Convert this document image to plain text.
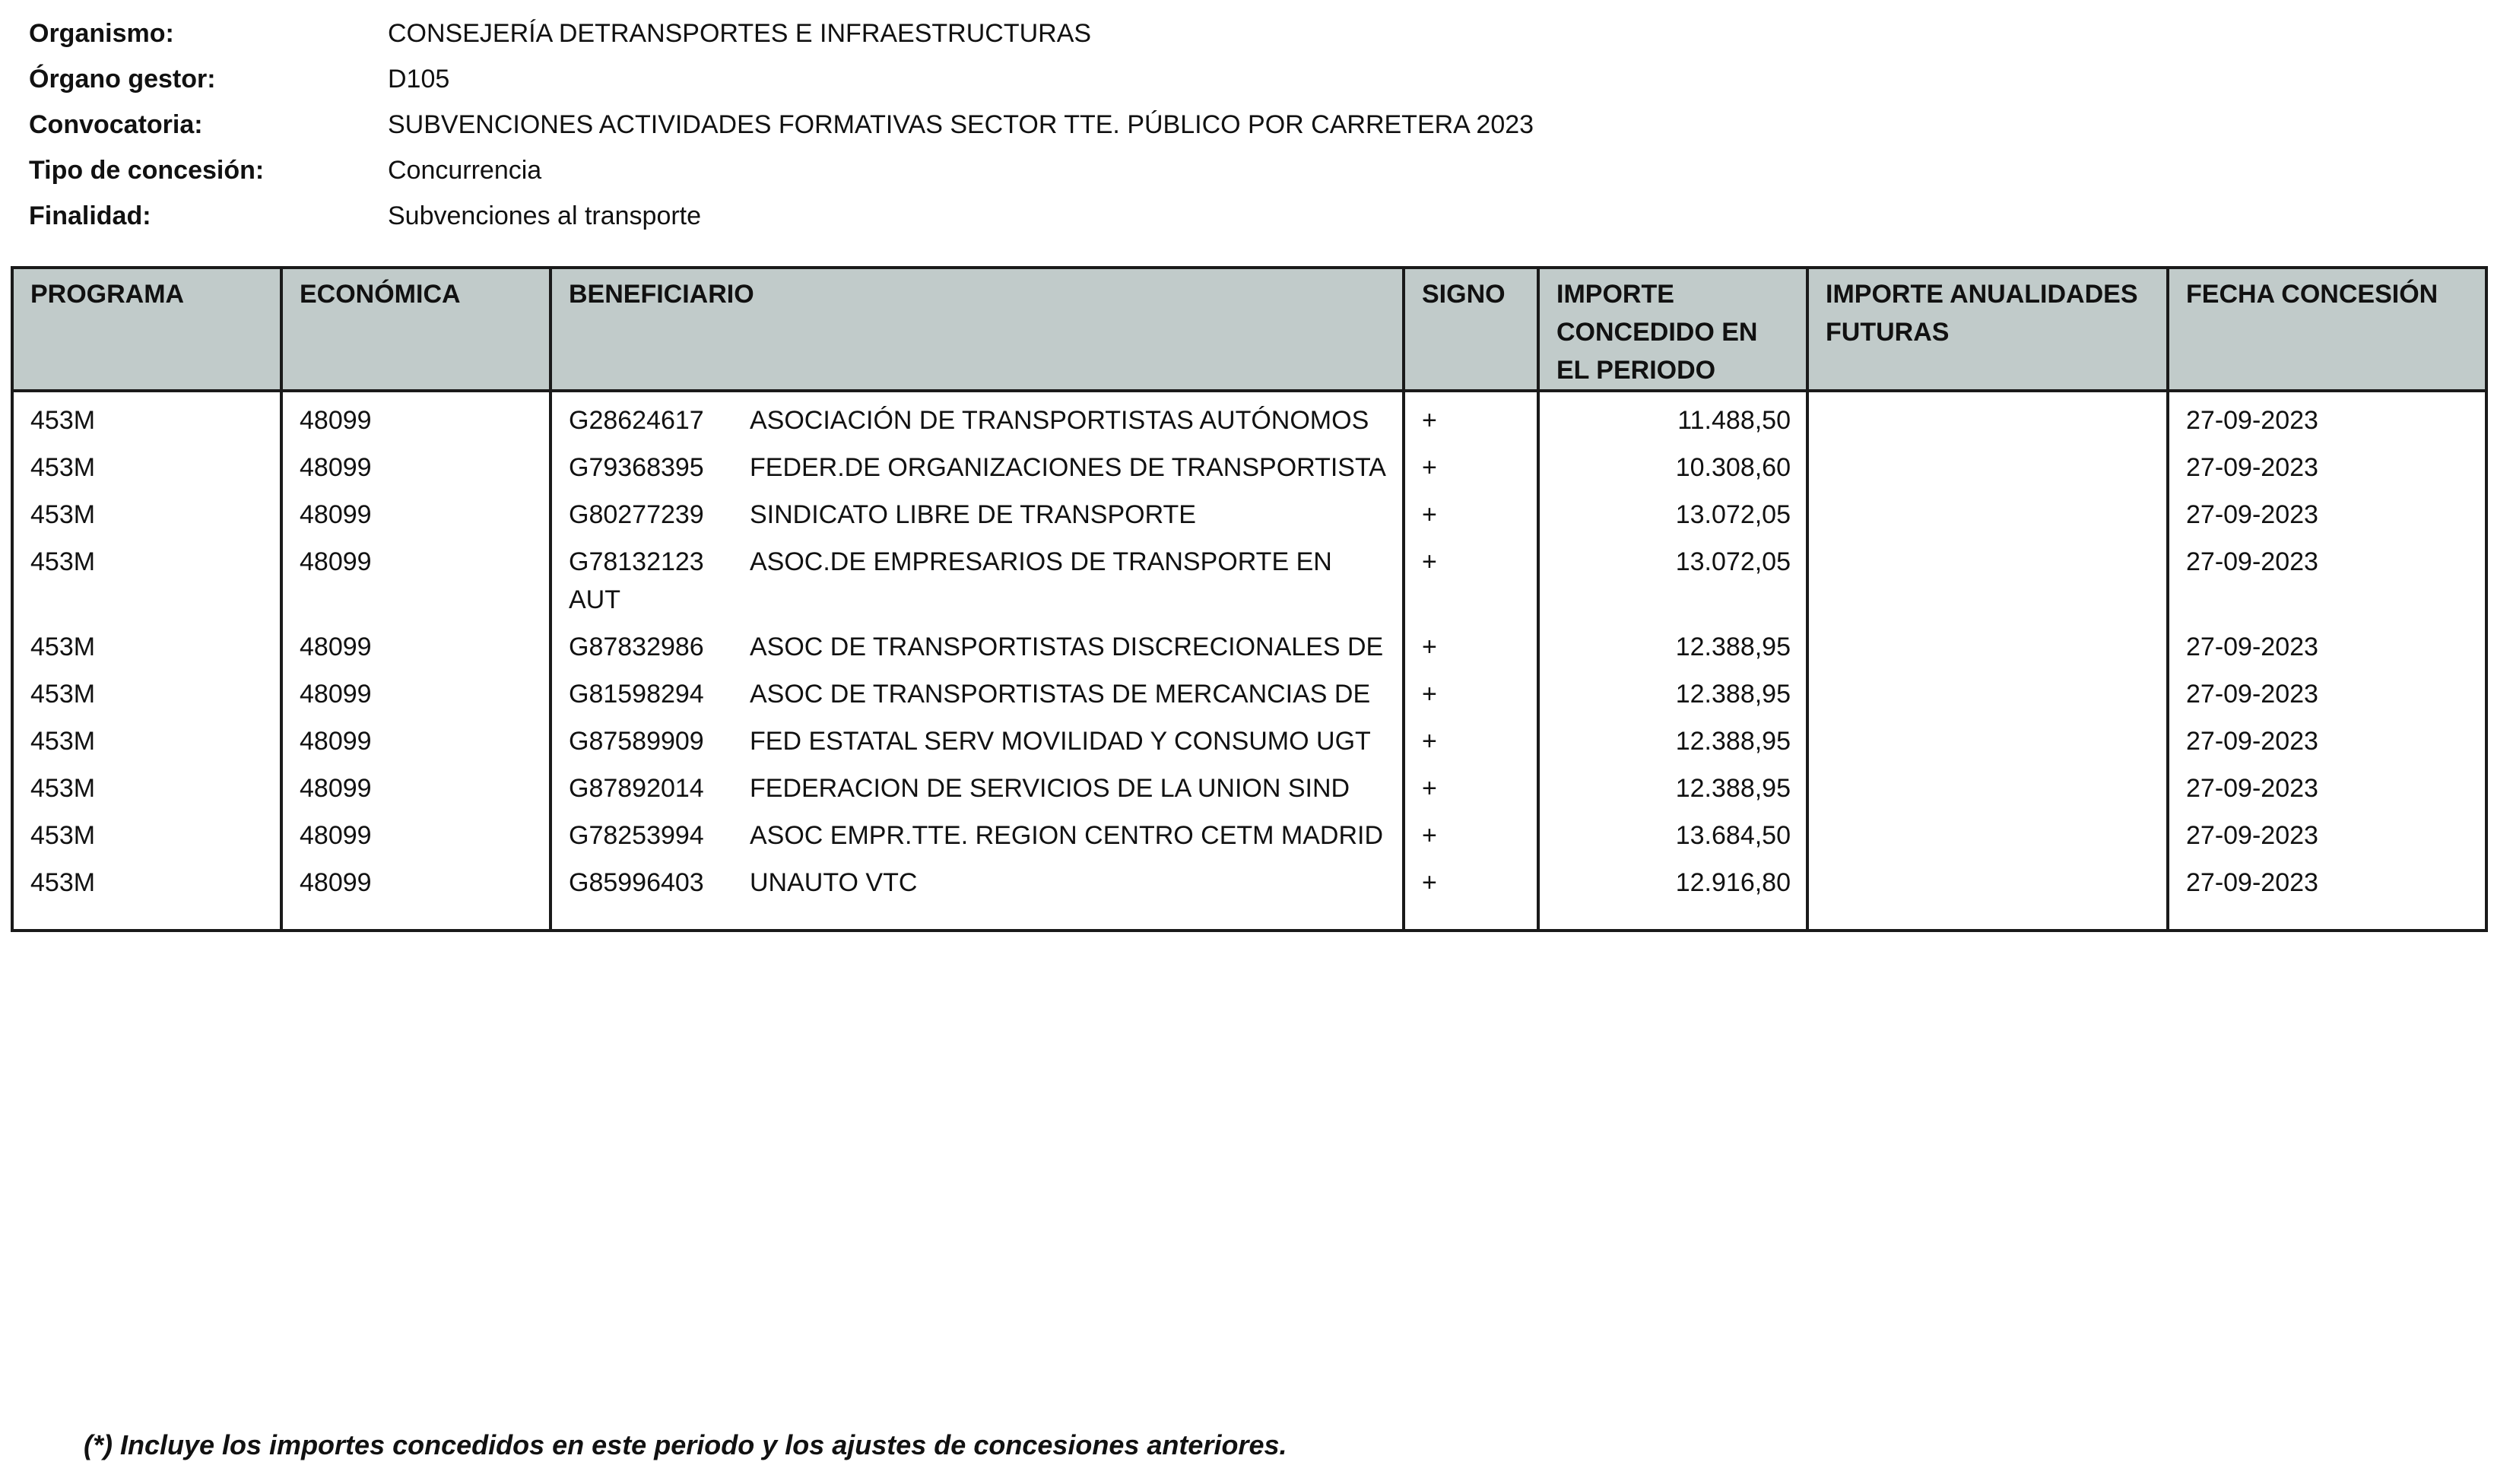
Organismo:	CONSEJERÍA DETRANSPORTES E INFRAESTRUCTURAS
Órgano gestor:	D105
Convocatoria:	SUBVENCIONES ACTIVIDADES FORMATIVAS SECTOR TTE. PÚBLICO POR CARRETERA 2023
Tipo de concesión:	Concurrencia
Finalidad:	Subvenciones al transporte
PROGRAMA	ECONÓMICA	BENEFICIARIO	SIGNO	IMPORTE CONCEDIDO EN EL PERIODO	IMPORTE ANUALIDADES FUTURAS	FECHA CONCESIÓN
453M	48099	G28624617 ASOCIACIÓN DE TRANSPORTISTAS AUTÓNOMOS	+	11.488,50		27-09-2023
453M	48099	G79368395 FEDER.DE ORGANIZACIONES DE TRANSPORTISTA	+	10.308,60		27-09-2023
453M	48099	G80277239 SINDICATO LIBRE DE TRANSPORTE	+	13.072,05		27-09-2023
453M	48099	G78132123 ASOC.DE EMPRESARIOS DE TRANSPORTE EN AUT	+	13.072,05		27-09-2023
453M	48099	G87832986 ASOC DE TRANSPORTISTAS DISCRECIONALES DE	+	12.388,95		27-09-2023
453M	48099	G81598294 ASOC DE TRANSPORTISTAS DE MERCANCIAS DE	+	12.388,95		27-09-2023
453M	48099	G87589909 FED ESTATAL SERV MOVILIDAD Y CONSUMO UGT	+	12.388,95		27-09-2023
453M	48099	G87892014 FEDERACION DE SERVICIOS DE LA UNION SIND	+	12.388,95		27-09-2023
453M	48099	G78253994 ASOC EMPR.TTE. REGION CENTRO CETM MADRID	+	13.684,50		27-09-2023
453M	48099	G85996403 UNAUTO VTC	+	12.916,80		27-09-2023
(*) Incluye los importes concedidos en este periodo y los ajustes de concesiones anteriores.
